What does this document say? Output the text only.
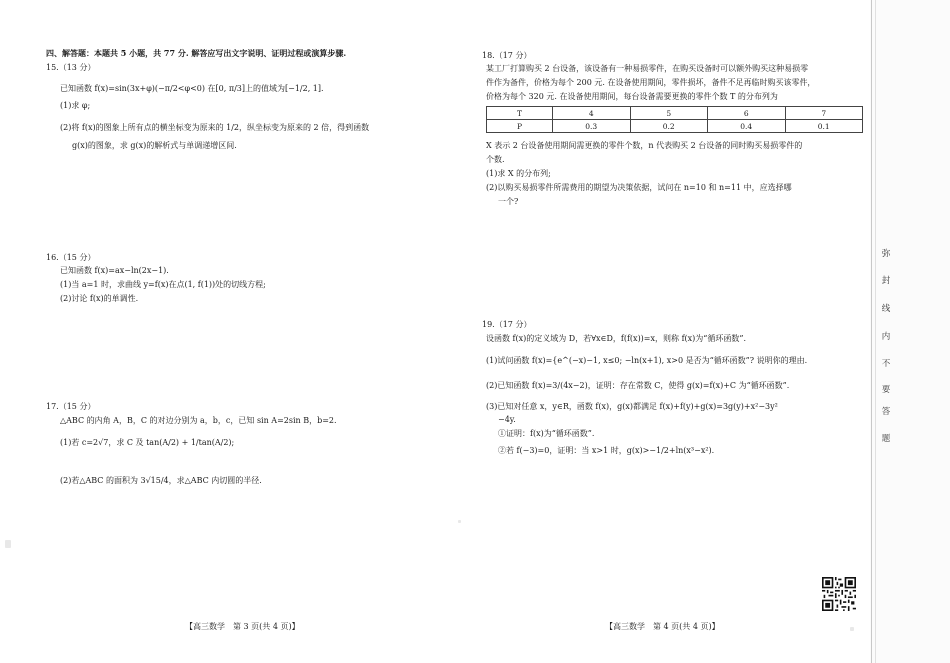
四、解答题：本题共 5 小题，共 77 分. 解答应写出文字说明、证明过程或演算步骤.
15.（13 分）
已知函数 f(x)=sin(3x+φ)(−π/2<φ<0) 在[0, π/3]上的值域为[−1/2, 1].
(1)求 φ;
(2)将 f(x)的图象上所有点的横坐标变为原来的 1/2，纵坐标变为原来的 2 倍，得到函数
g(x)的图象，求 g(x)的解析式与单调递增区间.
16.（15 分）
已知函数 f(x)=ax−ln(2x−1).
(1)当 a=1 时，求曲线 y=f(x)在点(1, f(1))处的切线方程;
(2)讨论 f(x)的单调性.
17.（15 分）
△ABC 的内角 A，B，C 的对边分别为 a，b，c，已知 sin A=2sin B，b=2.
(1)若 c=2√7，求 C 及 tan(A/2) + 1/tan(A/2);
(2)若△ABC 的面积为 3√15/4，求△ABC 内切圆的半径.
【高三数学　第 3 页(共 4 页)】
18.（17 分）
某工厂打算购买 2 台设备，该设备有一种易损零件，在购买设备时可以额外购买这种易损零
件作为备件，价格为每个 200 元. 在设备使用期间，零件损坏，备件不足再临时购买该零件，
价格为每个 320 元. 在设备使用期间，每台设备需要更换的零件个数 T 的分布列为
T	4	5	6	7
P	0.3	0.2	0.4	0.1
X 表示 2 台设备使用期间需更换的零件个数，n 代表购买 2 台设备的同时购买易损零件的
个数.
(1)求 X 的分布列;
(2)以购买易损零件所需费用的期望为决策依据，试问在 n=10 和 n=11 中，应选择哪
一个?
19.（17 分）
设函数 f(x)的定义域为 D，若∀x∈D，f(f(x))=x，则称 f(x)为“循环函数”.
(1)试问函数 f(x)={e^(−x)−1, x≤0; −ln(x+1), x>0 是否为“循环函数”? 说明你的理由.
(2)已知函数 f(x)=3/(4x−2)，证明：存在常数 C，使得 g(x)=f(x)+C 为“循环函数”.
(3)已知对任意 x，y∈R，函数 f(x)，g(x)都满足 f(x)+f(y)+g(x)=3g(y)+x²−3y²
−4y.
①证明：f(x)为“循环函数”.
②若 f(−3)=0，证明：当 x>1 时，g(x)>−1/2+ln(x³−x²).
【高三数学　第 4 页(共 4 页)】
弥
封
线
内
不
要
答
题
